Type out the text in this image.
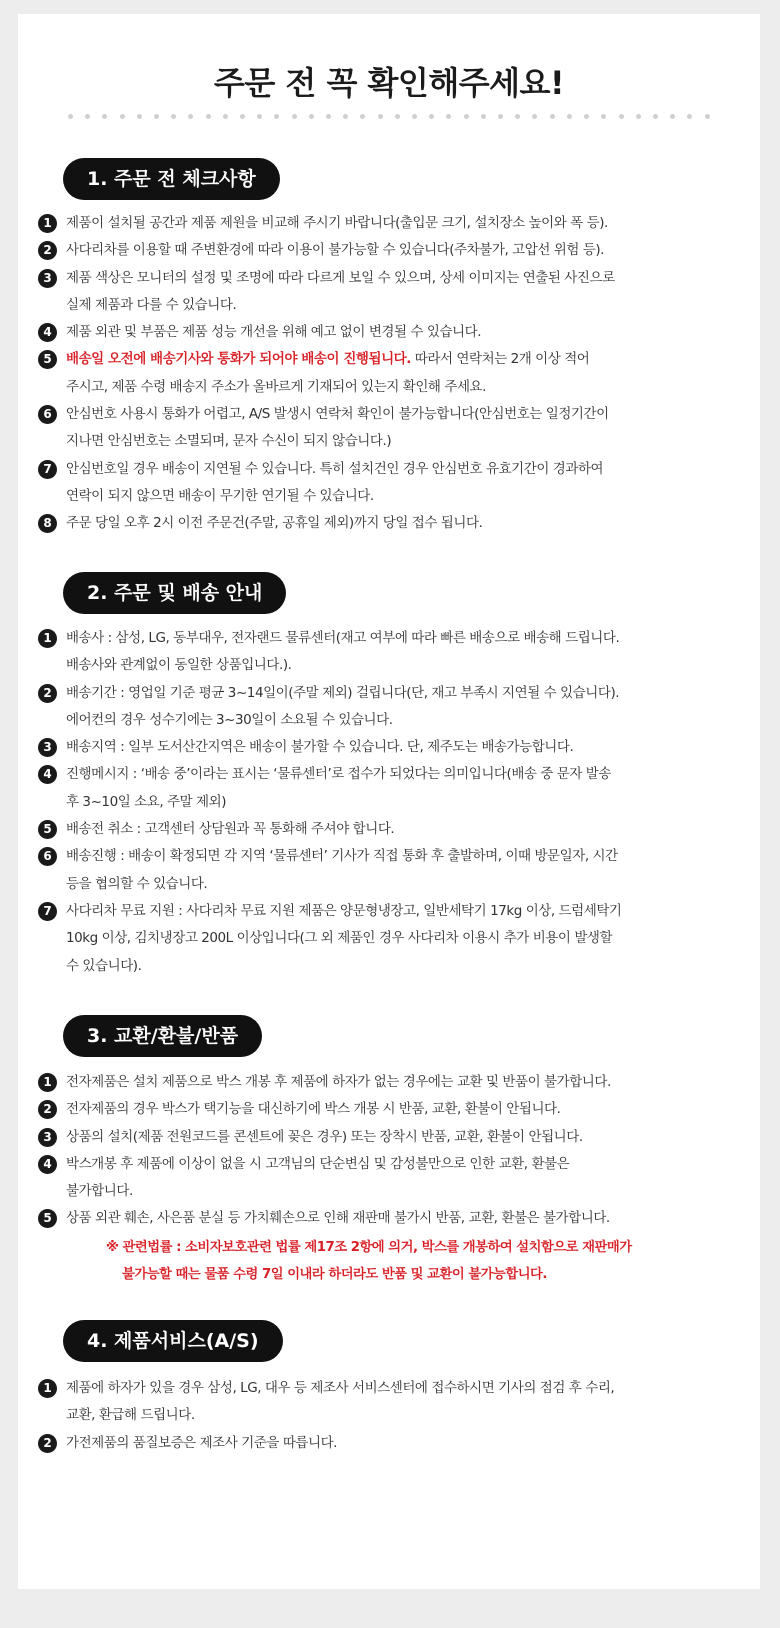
주문 전 꼭 확인해주세요!
1. 주문 전 체크사항
1	제품이 설치될 공간과 제품 제원을 비교해 주시기 바랍니다(출입문 크기, 설치장소 높이와 폭 등).
2	사다리차를 이용할 때 주변환경에 따라 이용이 불가능할 수 있습니다(주차불가, 고압선 위험 등).
3	제품 색상은 모니터의 설정 및 조명에 따라 다르게 보일 수 있으며, 상세 이미지는 연출된 사진으로
실제 제품과 다를 수 있습니다.
4	제품 외관 및 부품은 제품 성능 개선을 위해 예고 없이 변경될 수 있습니다.
5	배송일 오전에 배송기사와 통화가 되어야 배송이 진행됩니다. 따라서 연락처는 2개 이상 적어
주시고, 제품 수령 배송지 주소가 올바르게 기재되어 있는지 확인해 주세요.
6	안심번호 사용시 통화가 어렵고, A/S 발생시 연락처 확인이 불가능합니다(안심번호는 일정기간이
지나면 안심번호는 소멸되며, 문자 수신이 되지 않습니다.)
7	안심번호일 경우 배송이 지연될 수 있습니다. 특히 설치건인 경우 안심번호 유효기간이 경과하여
연락이 되지 않으면 배송이 무기한 연기될 수 있습니다.
8	주문 당일 오후 2시 이전 주문건(주말, 공휴일 제외)까지 당일 접수 됩니다.
2. 주문 및 배송 안내
1	배송사 : 삼성, LG, 동부대우, 전자랜드 물류센터(재고 여부에 따라 빠른 배송으로 배송해 드립니다.
배송사와 관계없이 동일한 상품입니다.).
2	배송기간 : 영업일 기준 평균 3~14일이(주말 제외) 걸립니다(단, 재고 부족시 지연될 수 있습니다).
에어컨의 경우 성수기에는 3~30일이 소요될 수 있습니다.
3	배송지역 : 일부 도서산간지역은 배송이 불가할 수 있습니다. 단, 제주도는 배송가능합니다.
4	진행메시지 : ‘배송 중’이라는 표시는 ‘물류센터’로 접수가 되었다는 의미입니다(배송 중 문자 발송
후 3~10일 소요, 주말 제외)
5	배송전 취소 : 고객센터 상담원과 꼭 통화해 주셔야 합니다.
6	배송진행 : 배송이 확정되면 각 지역 ‘물류센터’ 기사가 직접 통화 후 출발하며, 이때 방문일자, 시간
등을 협의할 수 있습니다.
7	사다리차 무료 지원 : 사다리차 무료 지원 제품은 양문형냉장고, 일반세탁기 17kg 이상, 드럼세탁기
10kg 이상, 김치냉장고 200L 이상입니다(그 외 제품인 경우 사다리차 이용시 추가 비용이 발생할
수 있습니다).
3. 교환/환불/반품
1	전자제품은 설치 제품으로 박스 개봉 후 제품에 하자가 없는 경우에는 교환 및 반품이 불가합니다.
2	전자제품의 경우 박스가 택기능을 대신하기에 박스 개봉 시 반품, 교환, 환불이 안됩니다.
3	상품의 설치(제품 전원코드를 콘센트에 꽂은 경우) 또는 장착시 반품, 교환, 환불이 안됩니다.
4	박스개봉 후 제품에 이상이 없을 시 고객님의 단순변심 및 감성불만으로 인한 교환, 환불은
불가합니다.
5	상품 외관 훼손, 사은품 분실 등 가치훼손으로 인해 재판매 불가시 반품, 교환, 환불은 불가합니다.
※ 관련법률 : 소비자보호관련 법률 제17조 2항에 의거, 박스를 개봉하여 설치함으로 재판매가
불가능할 때는 물품 수령 7일 이내라 하더라도 반품 및 교환이 불가능합니다.
4. 제품서비스(A/S)
1	제품에 하자가 있을 경우 삼성, LG, 대우 등 제조사 서비스센터에 접수하시면 기사의 점검 후 수리,
교환, 환급해 드립니다.
2	가전제품의 품질보증은 제조사 기준을 따릅니다.
